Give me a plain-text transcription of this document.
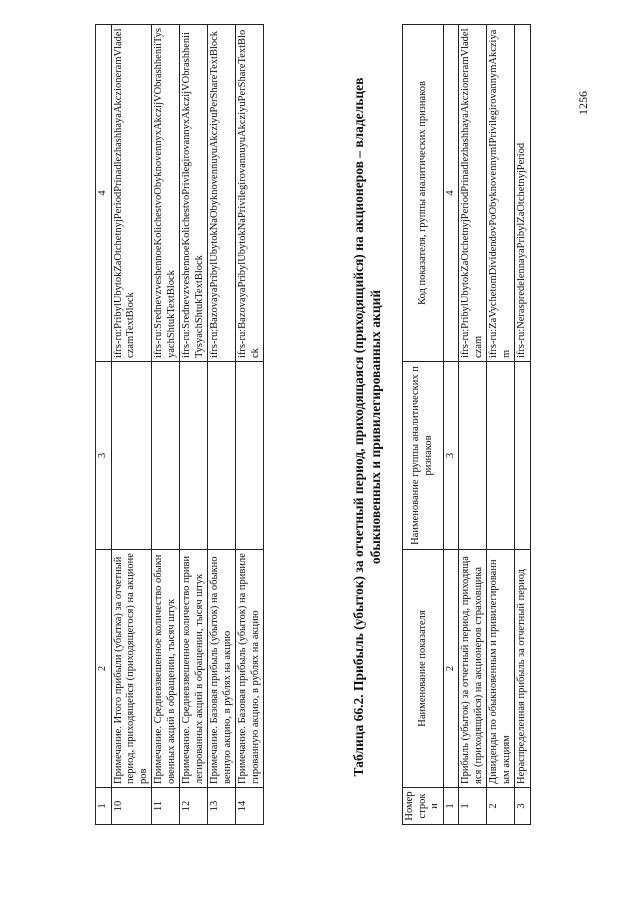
1	2	3	4
10	Примечание. Итого прибыли (убытка) за отчетный период, приходящейся (приходящегося) на акционеров		ifrs-ru:PribylUbytokZaOtchetnyjPeriodPrinadlezhashhayaAkczioneramVladelczamTextBlock
11	Примечание. Средневзвешенное количество обыкновенных акций в обращении, тысяч штук		ifrs-ru:SrednevzveshennoeKolichestvoObyknovennyxAkczijVObrashheniiTysyachShtukTextBlock
12	Примечание. Средневзвешенное количество привилегированных акций в обращении, тысяч штук		ifrs-ru:SrednevzveshennoeKolichestvoPrivilegirovannyxAkczijVObrashheniiTysyachShtukTextBlock
13	Примечание. Базовая прибыль (убыток) на обыкновенную акцию, в рублях на акцию		ifrs-ru:BazovayaPribylUbytokNaObyknovennuyuAkcziyuPerShareTextBlock
14	Примечание. Базовая прибыль (убыток) на привилегированную акцию, в рублях на акцию		ifrs-ru:BazovayaPribylUbytokNaPrivilegirovannuyuAkcziyuPerShareTextBlock
Таблица 66.2. Прибыль (убыток) за отчетный период, приходящаяся (приходящийся) на акционеров – владельцев обыкновенных и привилегированных акций
Номер строки	Наименование показателя	Наименование группы аналитических признаков	Код показателя, группы аналитических признаков
1	2	3	4
1	Прибыль (убыток) за отчетный период, приходящаяся (приходящийся) на акционеров страховщика		ifrs-ru:PribylUbytokZaOtchetnyjPeriodPrinadlezhashhayaAkczioneramVladelczam
2	Дивиденды по обыкновенным и привилегированным акциям		ifrs-ru:ZaVychetomDividendovPoObyknovennymIPrivilegirovannymAkcziyam
3	Нераспределенная прибыль за отчетный период		ifrs-ru:NeraspredelennayaPribylZaOtchetnyjPeriod
1256
